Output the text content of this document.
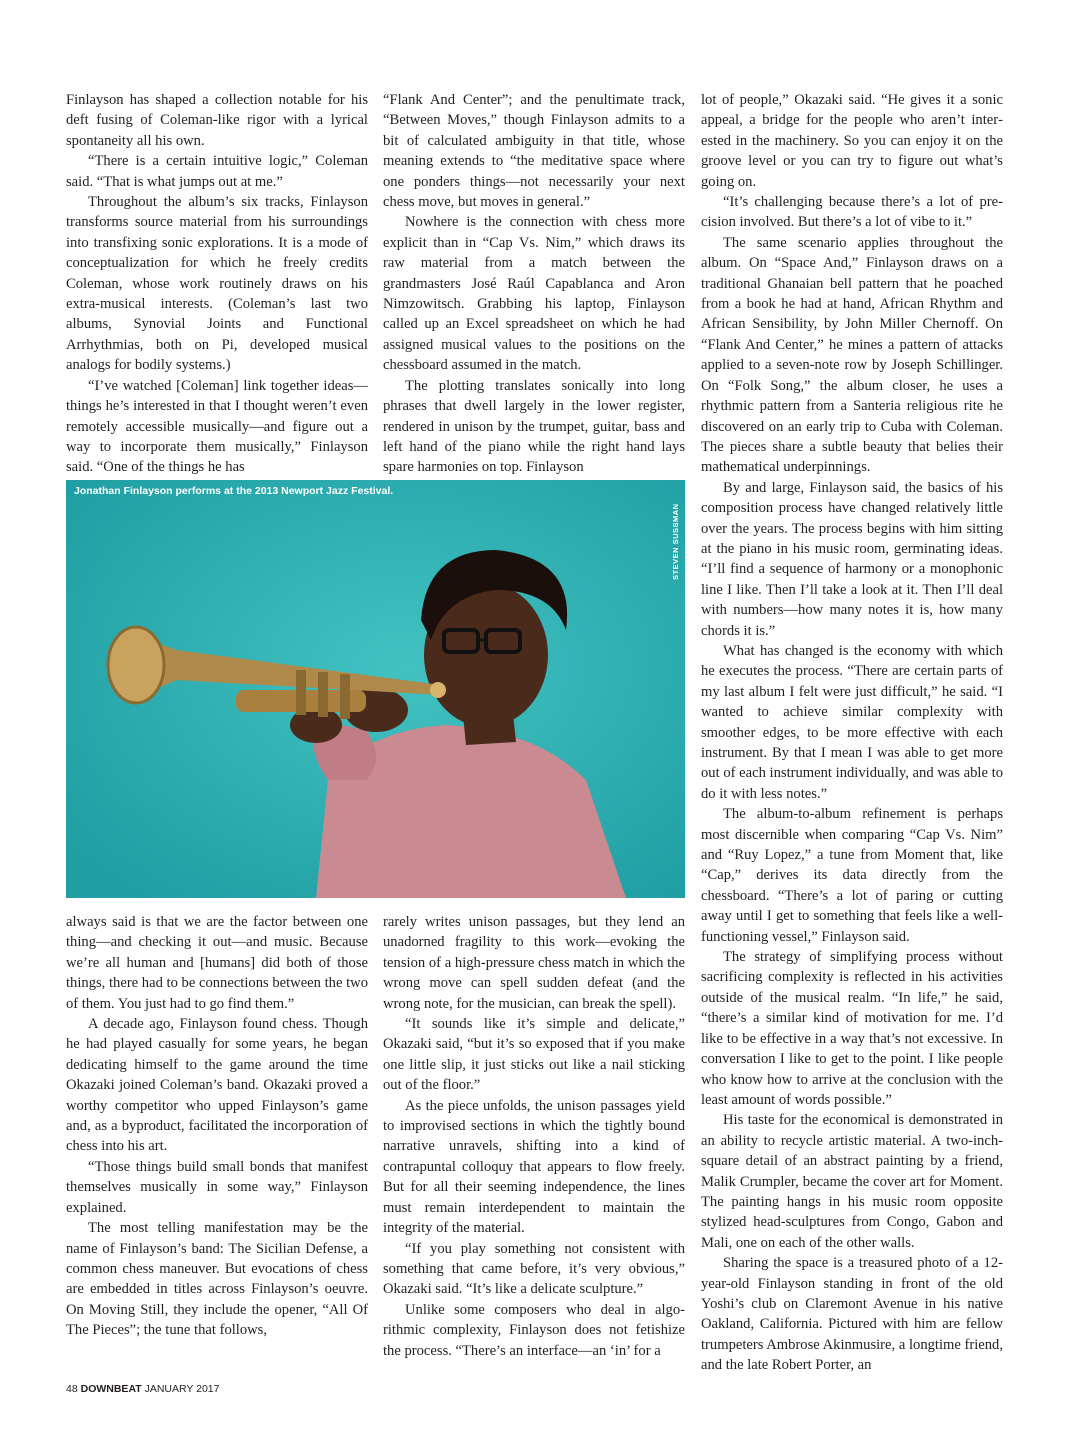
Finlayson has shaped a collection notable for his deft fusing of Coleman-like rigor with a lyrical spontaneity all his own.

“There is a certain intuitive logic,” Coleman said. “That is what jumps out at me.”

Throughout the album’s six tracks, Finlayson transforms source material from his surroundings into transfixing sonic explorations. It is a mode of conceptualization for which he freely credits Coleman, whose work routinely draws on his extra-musical interests. (Coleman’s last two albums, Synovial Joints and Functional Arrhythmias, both on Pi, developed musical analogs for bodily systems.)

“I’ve watched [Coleman] link together ideas—things he’s interested in that I thought weren’t even remotely accessible musically—and figure out a way to incorporate them musically,” Finlayson said. “One of the things he has

“Flank And Center”; and the penultimate track, “Between Moves,” though Finlayson admits to a bit of calculated ambiguity in that title, whose meaning extends to “the meditative space where one ponders things—not necessarily your next chess move, but moves in general.”

Nowhere is the connection with chess more explicit than in “Cap Vs. Nim,” which draws its raw material from a match between the grandmasters José Raúl Capablanca and Aron Nimzowitsch. Grabbing his laptop, Finlayson called up an Excel spreadsheet on which he had assigned musical values to the positions on the chessboard assumed in the match.

The plotting translates sonically into long phrases that dwell largely in the lower register, rendered in unison by the trumpet, guitar, bass and left hand of the piano while the right hand lays spare harmonies on top. Finlayson

Jonathan Finlayson performs at the 2013 Newport Jazz Festival.
STEVEN SUSSMAN

always said is that we are the factor between one thing—and checking it out—and music. Because we’re all human and [humans] did both of those things, there had to be connections between the two of them. You just had to go find them.”

A decade ago, Finlayson found chess. Though he had played casually for some years, he began dedicating himself to the game around the time Okazaki joined Coleman’s band. Okazaki proved a worthy competitor who upped Finlayson’s game and, as a byproduct, facilitated the incorporation of chess into his art.

“Those things build small bonds that manifest themselves musically in some way,” Finlayson explained.

The most telling manifestation may be the name of Finlayson’s band: The Sicilian Defense, a common chess maneuver. But evocations of chess are embedded in titles across Finlayson’s oeuvre. On Moving Still, they include the opener, “All Of The Pieces”; the tune that follows,

rarely writes unison passages, but they lend an unadorned fragility to this work—evoking the tension of a high-pressure chess match in which the wrong move can spell sudden defeat (and the wrong note, for the musician, can break the spell).

“It sounds like it’s simple and delicate,” Okazaki said, “but it’s so exposed that if you make one little slip, it just sticks out like a nail sticking out of the floor.”

As the piece unfolds, the unison passages yield to improvised sections in which the tightly bound narrative unravels, shifting into a kind of contrapuntal colloquy that appears to flow freely. But for all their seeming independence, the lines must remain interdependent to maintain the integrity of the material.

“If you play something not consistent with something that came before, it’s very obvious,” Okazaki said. “It’s like a delicate sculpture.”

Unlike some composers who deal in algorithmic complexity, Finlayson does not fetishize the process. “There’s an interface—an ‘in’ for a

lot of people,” Okazaki said. “He gives it a sonic appeal, a bridge for the people who aren’t interested in the machinery. So you can enjoy it on the groove level or you can try to figure out what’s going on.

“It’s challenging because there’s a lot of precision involved. But there’s a lot of vibe to it.”

The same scenario applies throughout the album. On “Space And,” Finlayson draws on a traditional Ghanaian bell pattern that he poached from a book he had at hand, African Rhythm and African Sensibility, by John Miller Chernoff. On “Flank And Center,” he mines a pattern of attacks applied to a seven-note row by Joseph Schillinger. On “Folk Song,” the album closer, he uses a rhythmic pattern from a Santeria religious rite he discovered on an early trip to Cuba with Coleman. The pieces share a subtle beauty that belies their mathematical underpinnings.

By and large, Finlayson said, the basics of his composition process have changed relatively little over the years. The process begins with him sitting at the piano in his music room, germinating ideas. “I’ll find a sequence of harmony or a monophonic line I like. Then I’ll take a look at it. Then I’ll deal with numbers—how many notes it is, how many chords it is.”

What has changed is the economy with which he executes the process. “There are certain parts of my last album I felt were just difficult,” he said. “I wanted to achieve similar complexity with smoother edges, to be more effective with each instrument. By that I mean I was able to get more out of each instrument individually, and was able to do it with less notes.”

The album-to-album refinement is perhaps most discernible when comparing “Cap Vs. Nim” and “Ruy Lopez,” a tune from Moment that, like “Cap,” derives its data directly from the chessboard. “There’s a lot of paring or cutting away until I get to something that feels like a well-functioning vessel,” Finlayson said.

The strategy of simplifying process without sacrificing complexity is reflected in his activities outside of the musical realm. “In life,” he said, “there’s a similar kind of motivation for me. I’d like to be effective in a way that’s not excessive. In conversation I like to get to the point. I like people who know how to arrive at the conclusion with the least amount of words possible.”

His taste for the economical is demonstrated in an ability to recycle artistic material. A two-inch-square detail of an abstract painting by a friend, Malik Crumpler, became the cover art for Moment. The painting hangs in his music room opposite stylized head-sculptures from Congo, Gabon and Mali, one on each of the other walls.

Sharing the space is a treasured photo of a 12-year-old Finlayson standing in front of the old Yoshi’s club on Claremont Avenue in his native Oakland, California. Pictured with him are fellow trumpeters Ambrose Akinmusire, a longtime friend, and the late Robert Porter, an

48 DOWNBEAT JANUARY 2017
